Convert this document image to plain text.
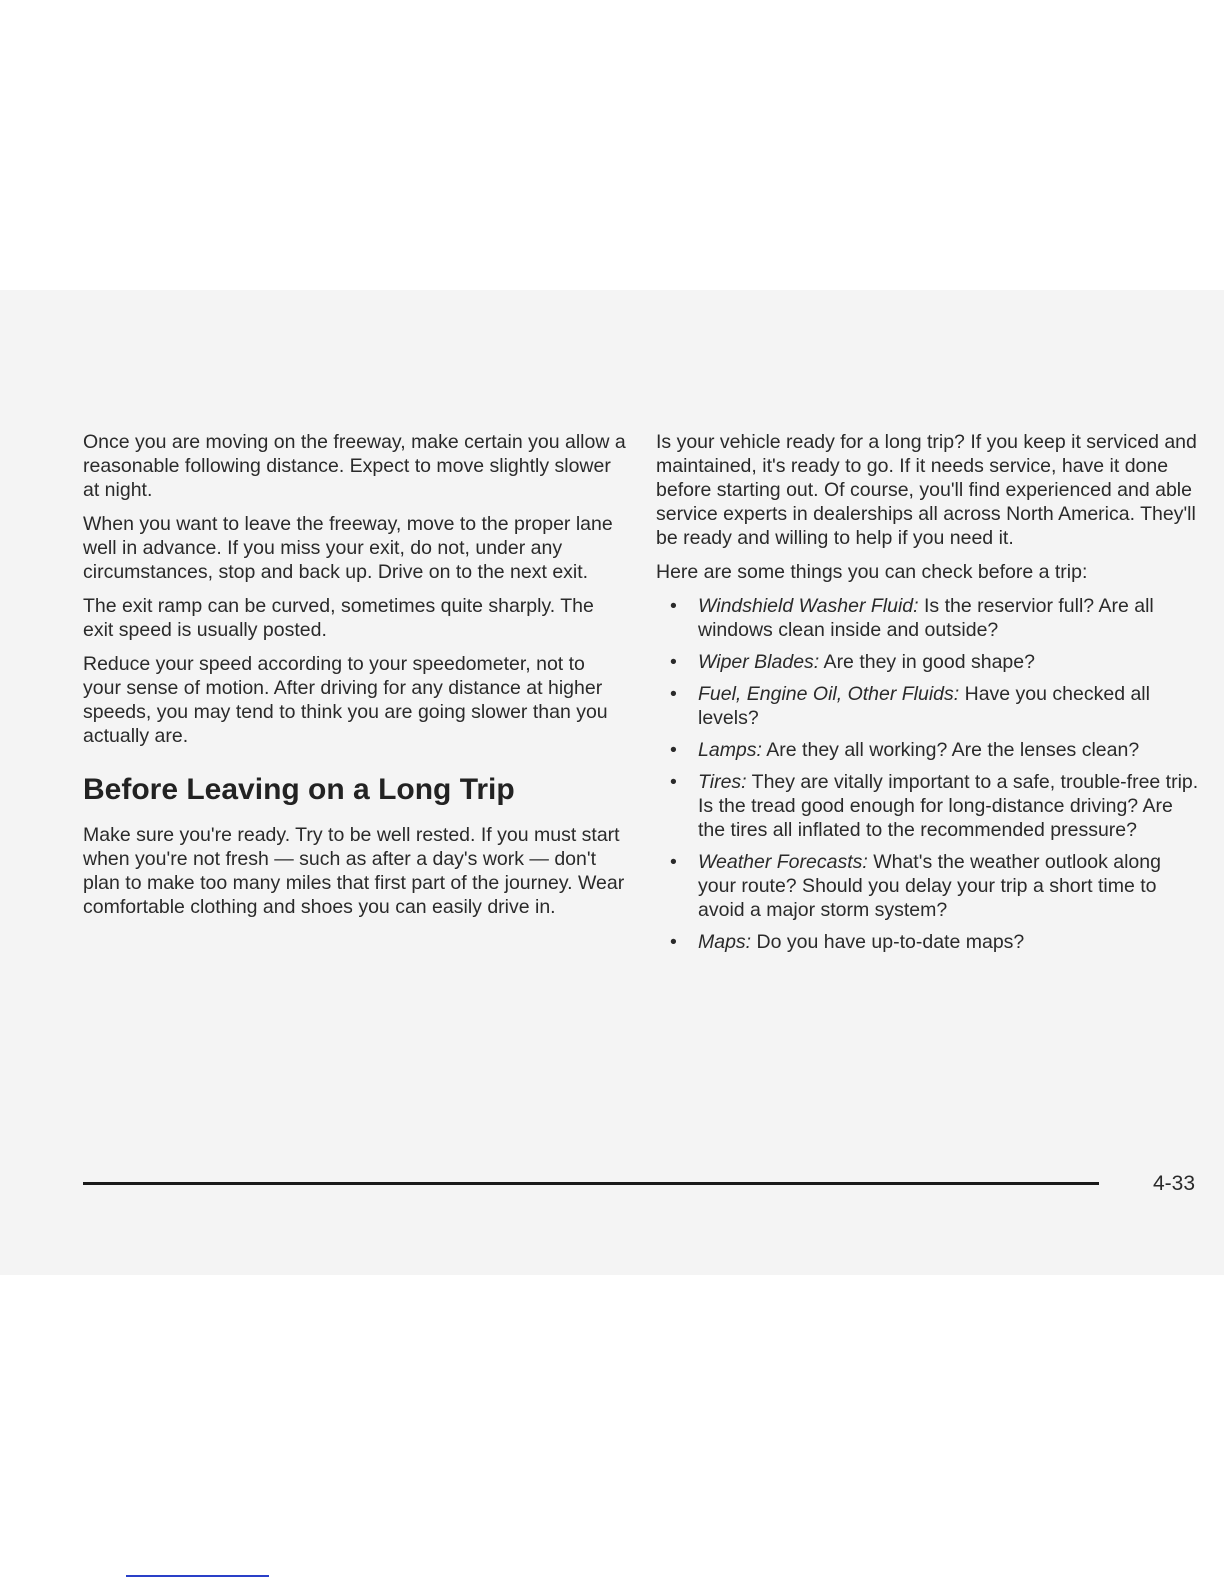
Once you are moving on the freeway, make certain you allow a reasonable following distance. Expect to move slightly slower at night.

When you want to leave the freeway, move to the proper lane well in advance. If you miss your exit, do not, under any circumstances, stop and back up. Drive on to the next exit.

The exit ramp can be curved, sometimes quite sharply. The exit speed is usually posted.

Reduce your speed according to your speedometer, not to your sense of motion. After driving for any distance at higher speeds, you may tend to think you are going slower than you actually are.

Before Leaving on a Long Trip

Make sure you're ready. Try to be well rested. If you must start when you're not fresh — such as after a day's work — don't plan to make too many miles that first part of the journey. Wear comfortable clothing and shoes you can easily drive in.

Is your vehicle ready for a long trip? If you keep it serviced and maintained, it's ready to go. If it needs service, have it done before starting out. Of course, you'll find experienced and able service experts in dealerships all across North America. They'll be ready and willing to help if you need it.

Here are some things you can check before a trip:

• Windshield Washer Fluid: Is the reservior full? Are all windows clean inside and outside?
• Wiper Blades: Are they in good shape?
• Fuel, Engine Oil, Other Fluids: Have you checked all levels?
• Lamps: Are they all working? Are the lenses clean?
• Tires: They are vitally important to a safe, trouble-free trip. Is the tread good enough for long-distance driving? Are the tires all inflated to the recommended pressure?
• Weather Forecasts: What's the weather outlook along your route? Should you delay your trip a short time to avoid a major storm system?
• Maps: Do you have up-to-date maps?
4-33
